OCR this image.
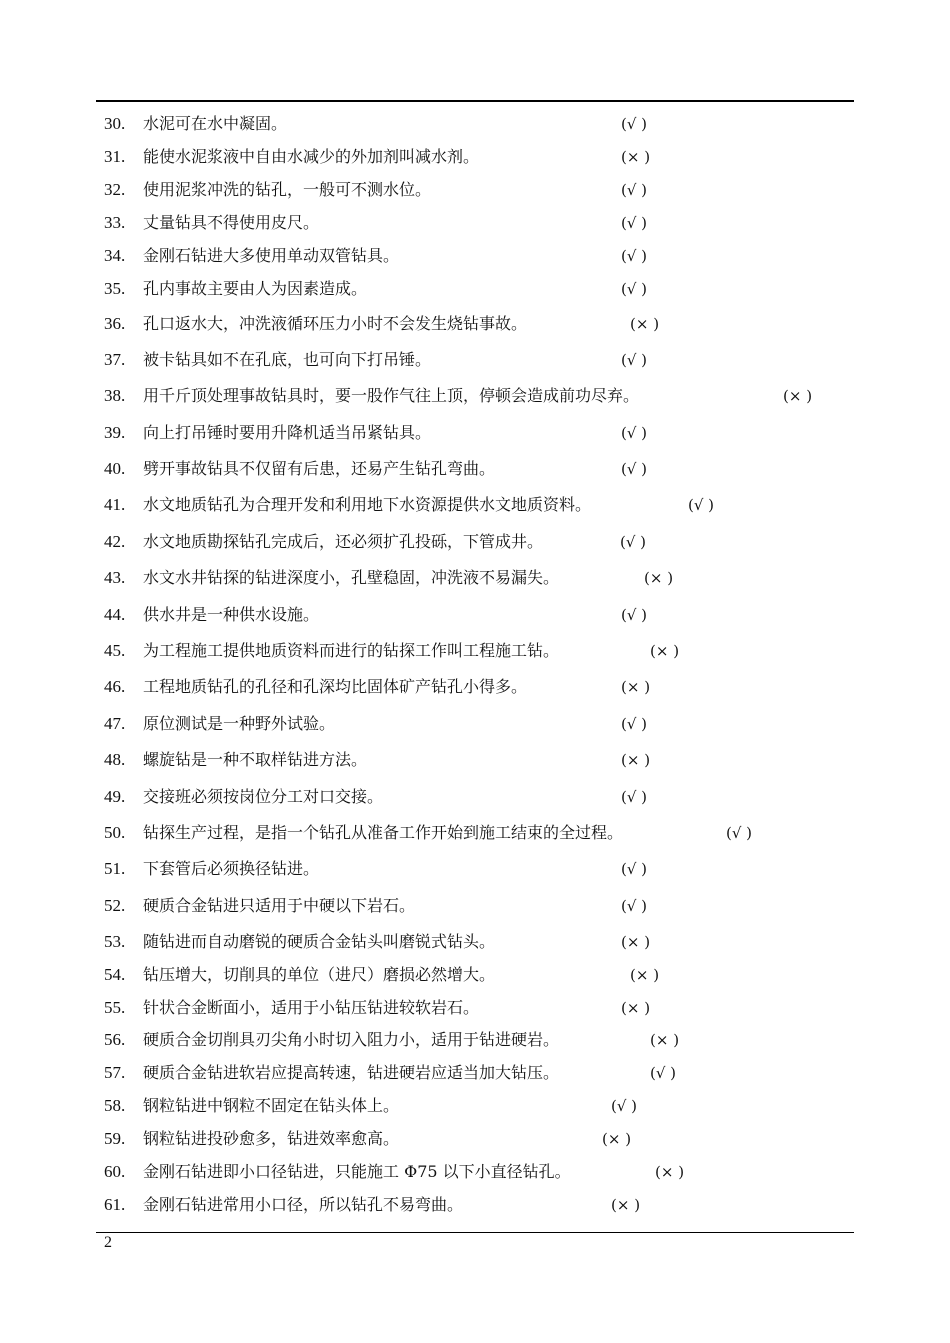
30. 水泥可在水中凝固。	(√ )
31. 能使水泥浆液中自由水减少的外加剂叫减水剂。	(× )
32. 使用泥浆冲洗的钻孔，一般可不测水位。	(√ )
33. 丈量钻具不得使用皮尺。	(√ )
34. 金刚石钻进大多使用单动双管钻具。	(√ )
35. 孔内事故主要由人为因素造成。	(√ )
36. 孔口返水大，冲洗液循环压力小时不会发生烧钻事故。	(× )
37. 被卡钻具如不在孔底，也可向下打吊锤。	(√ )
38. 用千斤顶处理事故钻具时，要一股作气往上顶，停顿会造成前功尽弃。	(× )
39. 向上打吊锤时要用升降机适当吊紧钻具。	(√ )
40. 劈开事故钻具不仅留有后患，还易产生钻孔弯曲。	(√ )
41. 水文地质钻孔为合理开发和利用地下水资源提供水文地质资料。	(√ )
42. 水文地质勘探钻孔完成后，还必须扩孔投砾，下管成井。	(√ )
43. 水文水井钻探的钻进深度小，孔壁稳固，冲洗液不易漏失。	(× )
44. 供水井是一种供水设施。	(√ )
45. 为工程施工提供地质资料而进行的钻探工作叫工程施工钻。	(× )
46. 工程地质钻孔的孔径和孔深均比固体矿产钻孔小得多。	(× )
47. 原位测试是一种野外试验。	(√ )
48. 螺旋钻是一种不取样钻进方法。	(× )
49. 交接班必须按岗位分工对口交接。	(√ )
50. 钻探生产过程，是指一个钻孔从准备工作开始到施工结束的全过程。	(√ )
51. 下套管后必须换径钻进。	(√ )
52. 硬质合金钻进只适用于中硬以下岩石。	(√ )
53. 随钻进而自动磨锐的硬质合金钻头叫磨锐式钻头。	(× )
54. 钻压增大，切削具的单位（进尺）磨损必然增大。	(× )
55. 针状合金断面小，适用于小钻压钻进较软岩石。	(× )
56. 硬质合金切削具刃尖角小时切入阻力小，适用于钻进硬岩。	(× )
57. 硬质合金钻进软岩应提高转速，钻进硬岩应适当加大钻压。	(√ )
58. 钢粒钻进中钢粒不固定在钻头体上。	(√ )
59. 钢粒钻进投砂愈多，钻进效率愈高。	(× )
60. 金刚石钻进即小口径钻进，只能施工 Φ75 以下小直径钻孔。	(× )
61. 金刚石钻进常用小口径，所以钻孔不易弯曲。	(× )
2
